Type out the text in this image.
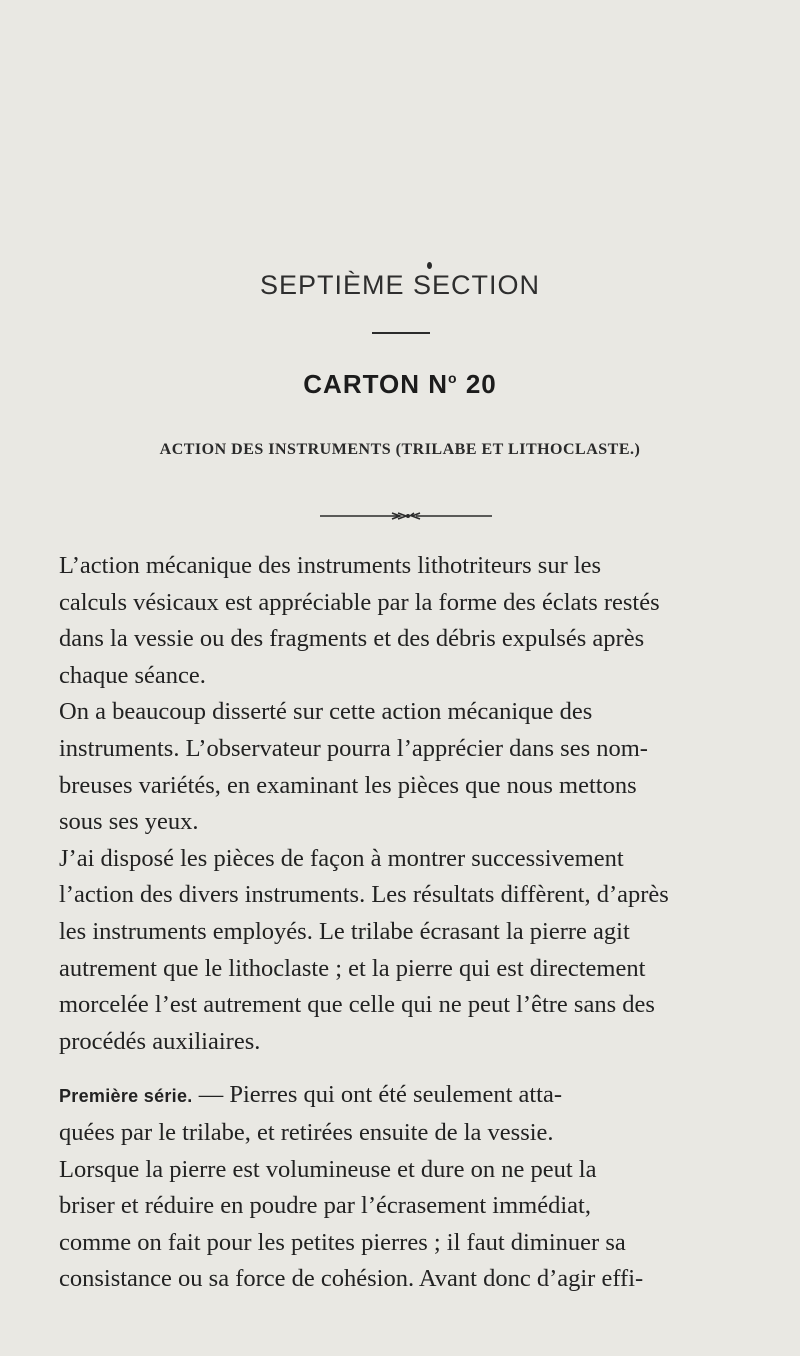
SEPTIÈME SECTION
CARTON $N^o$ 20
ACTION DES INSTRUMENTS (TRILABE ET LITHOCLASTE.)

L’action mécanique des instruments lithotriteurs sur les
calculs vésicaux est appréciable par la forme des éclats restés
dans la vessie ou des fragments et des débris expulsés après
chaque séance.

On a beaucoup disserté sur cette action mécanique des
instruments. L’observateur pourra l’apprécier dans ses nom-
breuses variétés, en examinant les pièces que nous mettons
sous ses yeux.

J’ai disposé les pièces de façon à montrer successivement
l’action des divers instruments. Les résultats diffèrent, d’après
les instruments employés. Le trilabe écrasant la pierre agit
autrement que le lithoclaste ; et la pierre qui est directement
morcelée l’est autrement que celle qui ne peut l’être sans des
procédés auxiliaires.

Première série. — Pierres qui ont été seulement atta-
quées par le trilabe, et retirées ensuite de la vessie.

Lorsque la pierre est volumineuse et dure on ne peut la
briser et réduire en poudre par l’écrasement immédiat,
comme on fait pour les petites pierres ; il faut diminuer sa
consistance ou sa force de cohésion. Avant donc d’agir effi-
